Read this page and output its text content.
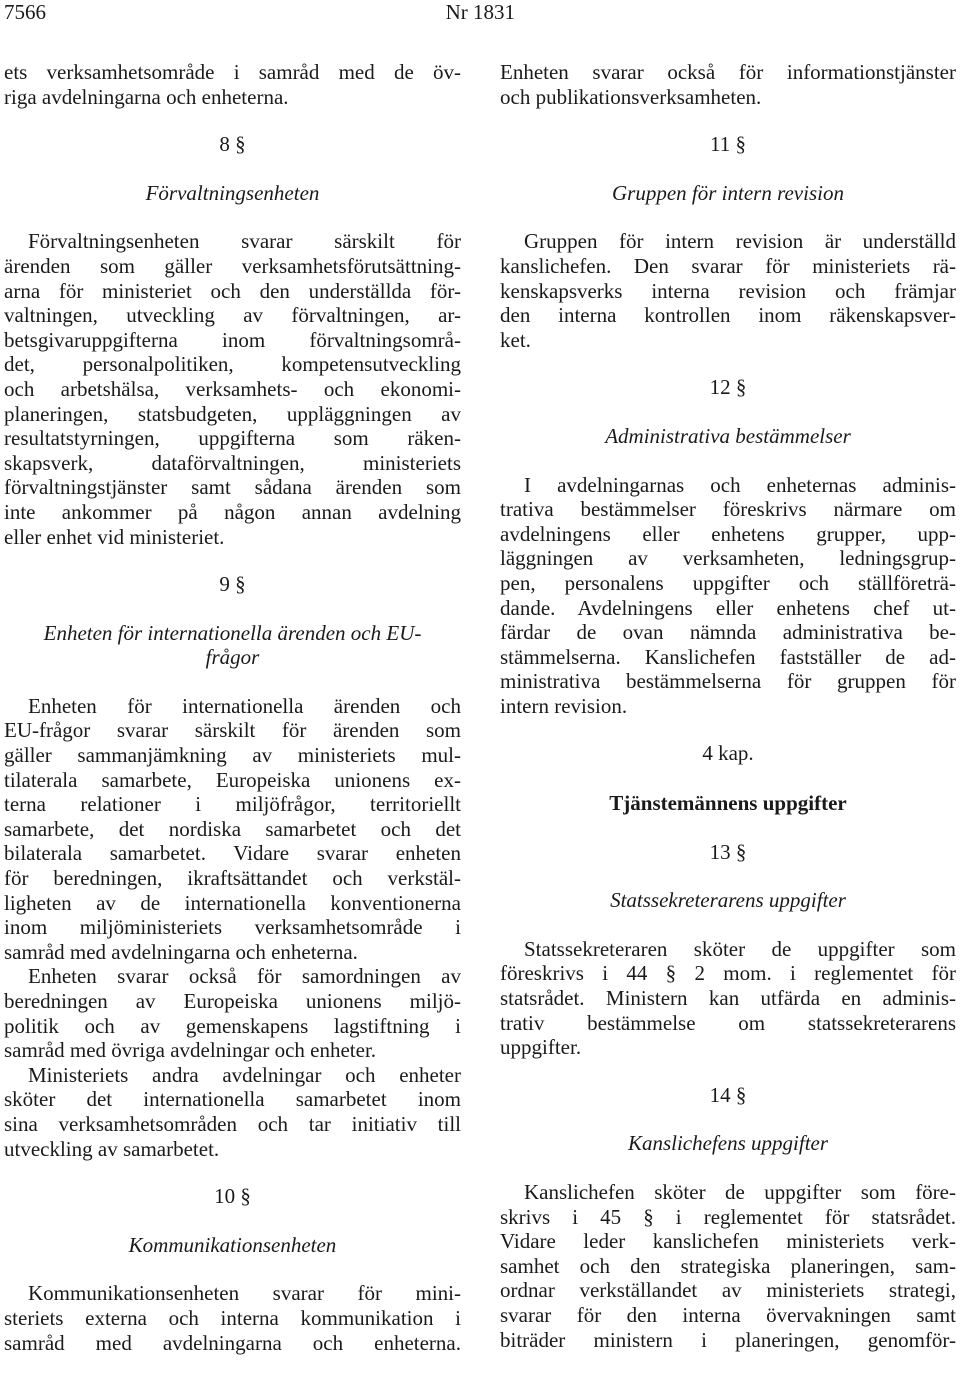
7566	Nr 1831
ets verksamhetsområde i samråd med de öv-
riga avdelningarna och enheterna.
8 §
Förvaltningsenheten
Förvaltningsenheten svarar särskilt för
ärenden som gäller verksamhetsförutsättning-
arna för ministeriet och den underställda för-
valtningen, utveckling av förvaltningen, ar-
betsgivaruppgifterna inom förvaltningsområ-
det, personalpolitiken, kompetensutveckling
och arbetshälsa, verksamhets- och ekonomi-
planeringen, statsbudgeten, uppläggningen av
resultatstyrningen, uppgifterna som räken-
skapsverk, dataförvaltningen, ministeriets
förvaltningstjänster samt sådana ärenden som
inte ankommer på någon annan avdelning
eller enhet vid ministeriet.
9 §
Enheten för internationella ärenden och EU-
frågor
Enheten för internationella ärenden och
EU-frågor svarar särskilt för ärenden som
gäller sammanjämkning av ministeriets mul-
tilaterala samarbete, Europeiska unionens ex-
terna relationer i miljöfrågor, territoriellt
samarbete, det nordiska samarbetet och det
bilaterala samarbetet. Vidare svarar enheten
för beredningen, ikraftsättandet och verkstäl-
ligheten av de internationella konventionerna
inom miljöministeriets verksamhetsområde i
samråd med avdelningarna och enheterna.
Enheten svarar också för samordningen av
beredningen av Europeiska unionens miljö-
politik och av gemenskapens lagstiftning i
samråd med övriga avdelningar och enheter.
Ministeriets andra avdelningar och enheter
sköter det internationella samarbetet inom
sina verksamhetsområden och tar initiativ till
utveckling av samarbetet.
10 §
Kommunikationsenheten
Kommunikationsenheten svarar för mini-
steriets externa och interna kommunikation i
samråd med avdelningarna och enheterna.
Enheten svarar också för informationstjänster
och publikationsverksamheten.
11 §
Gruppen för intern revision
Gruppen för intern revision är underställd
kanslichefen. Den svarar för ministeriets rä-
kenskapsverks interna revision och främjar
den interna kontrollen inom räkenskapsver-
ket.
12 §
Administrativa bestämmelser
I avdelningarnas och enheternas adminis-
trativa bestämmelser föreskrivs närmare om
avdelningens eller enhetens grupper, upp-
läggningen av verksamheten, ledningsgrup-
pen, personalens uppgifter och ställföreträ-
dande. Avdelningens eller enhetens chef ut-
färdar de ovan nämnda administrativa be-
stämmelserna. Kanslichefen fastställer de ad-
ministrativa bestämmelserna för gruppen för
intern revision.
4 kap.
Tjänstemännens uppgifter
13 §
Statssekreterarens uppgifter
Statssekreteraren sköter de uppgifter som
föreskrivs i 44 § 2 mom. i reglementet för
statsrådet. Ministern kan utfärda en adminis-
trativ bestämmelse om statssekreterarens
uppgifter.
14 §
Kanslichefens uppgifter
Kanslichefen sköter de uppgifter som före-
skrivs i 45 § i reglementet för statsrådet.
Vidare leder kanslichefen ministeriets verk-
samhet och den strategiska planeringen, sam-
ordnar verkställandet av ministeriets strategi,
svarar för den interna övervakningen samt
biträder ministern i planeringen, genomför-
